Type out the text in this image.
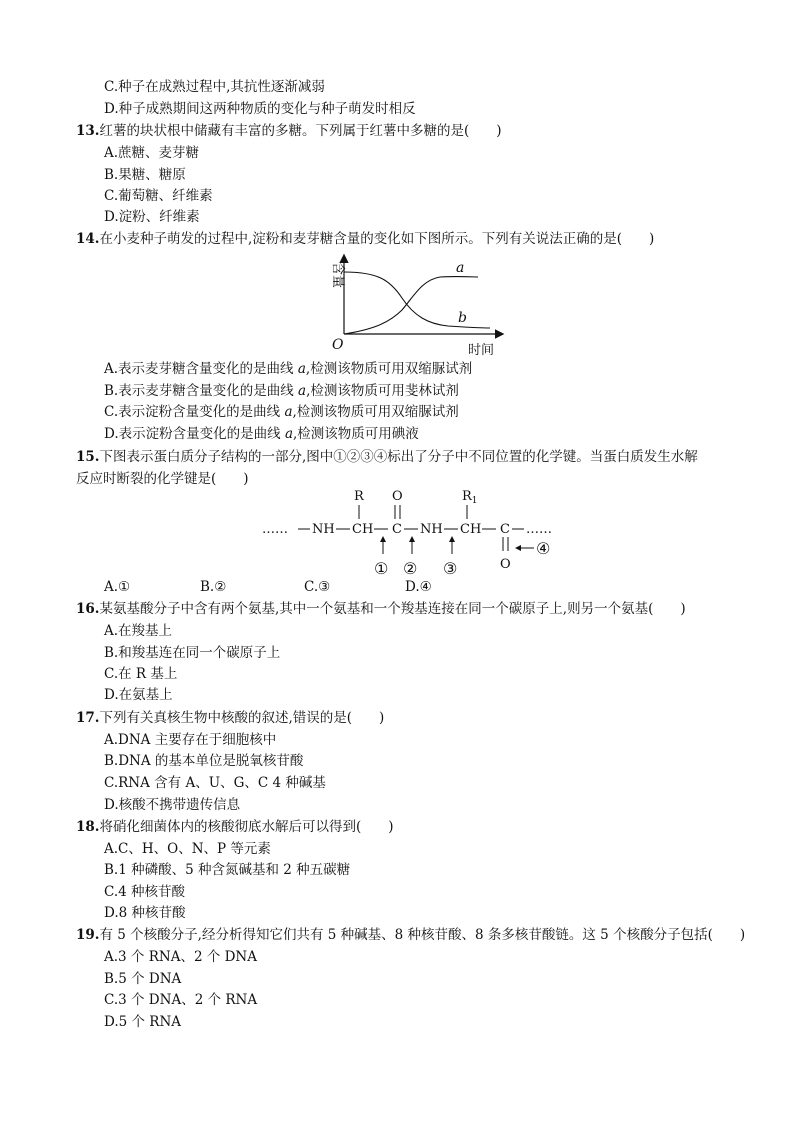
C.种子在成熟过程中,其抗性逐渐减弱
D.种子成熟期间这两种物质的变化与种子萌发时相反
13.红薯的块状根中储藏有丰富的多糖。下列属于红薯中多糖的是(　　)
A.蔗糖、麦芽糖
B.果糖、糖原
C.葡萄糖、纤维素
D.淀粉、纤维素
14.在小麦种子萌发的过程中,淀粉和麦芽糖含量的变化如下图所示。下列有关说法正确的是(　　)
含量
时间
O
a
b
A.表示麦芽糖含量变化的是曲线 a,检测该物质可用双缩脲试剂
B.表示麦芽糖含量变化的是曲线 a,检测该物质可用斐林试剂
C.表示淀粉含量变化的是曲线 a,检测该物质可用双缩脲试剂
D.表示淀粉含量变化的是曲线 a,检测该物质可用碘液
15.下图表示蛋白质分子结构的一部分,图中①②③④标出了分子中不同位置的化学键。当蛋白质发生水解
反应时断裂的化学键是(　　)
…… NH CH C NH CH C ……
R O	$R_1$
O
① ② ③
④
A.①	B.②	C.③	D.④
16.某氨基酸分子中含有两个氨基,其中一个氨基和一个羧基连接在同一个碳原子上,则另一个氨基(　　)
A.在羧基上
B.和羧基连在同一个碳原子上
C.在 R 基上
D.在氨基上
17.下列有关真核生物中核酸的叙述,错误的是(　　)
A.DNA 主要存在于细胞核中
B.DNA 的基本单位是脱氧核苷酸
C.RNA 含有 A、U、G、C 4 种碱基
D.核酸不携带遗传信息
18.将硝化细菌体内的核酸彻底水解后可以得到(　　)
A.C、H、O、N、P 等元素
B.1 种磷酸、5 种含氮碱基和 2 种五碳糖
C.4 种核苷酸
D.8 种核苷酸
19.有 5 个核酸分子,经分析得知它们共有 5 种碱基、8 种核苷酸、8 条多核苷酸链。这 5 个核酸分子包括(　　)
A.3 个 RNA、2 个 DNA
B.5 个 DNA
C.3 个 DNA、2 个 RNA
D.5 个 RNA
